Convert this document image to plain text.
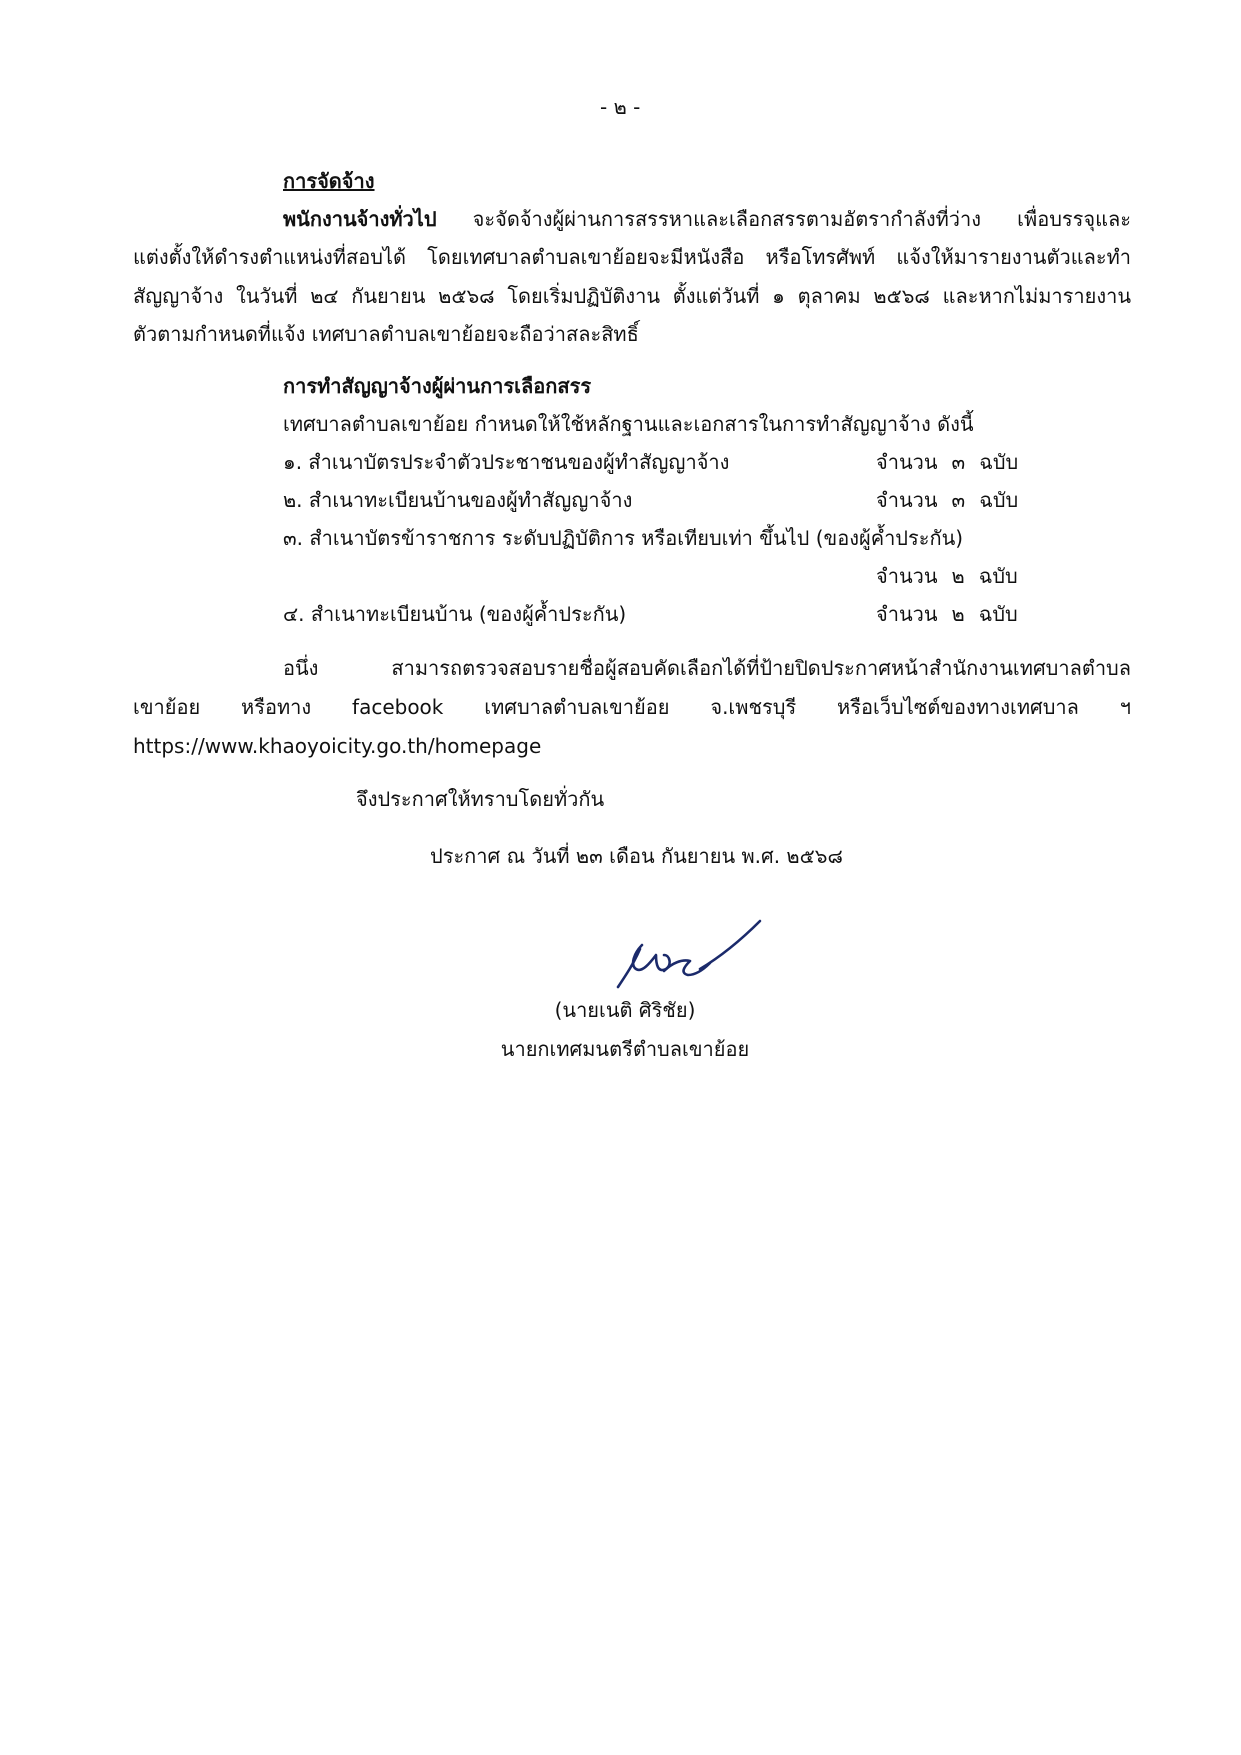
- ๒ -
การจัดจ้าง
พนักงานจ้างทั่วไป จะจัดจ้างผู้ผ่านการสรรหาและเลือกสรรตามอัตรากำลังที่ว่าง เพื่อบรรจุและ
แต่งตั้งให้ดำรงตำแหน่งที่สอบได้ โดยเทศบาลตำบลเขาย้อยจะมีหนังสือ หรือโทรศัพท์ แจ้งให้มารายงานตัวและทำ
สัญญาจ้าง ในวันที่ ๒๔ กันยายน ๒๕๖๘ โดยเริ่มปฏิบัติงาน ตั้งแต่วันที่ ๑ ตุลาคม ๒๕๖๘ และหากไม่มารายงาน
ตัวตามกำหนดที่แจ้ง เทศบาลตำบลเขาย้อยจะถือว่าสละสิทธิ์
การทำสัญญาจ้างผู้ผ่านการเลือกสรร
เทศบาลตำบลเขาย้อย กำหนดให้ใช้หลักฐานและเอกสารในการทำสัญญาจ้าง ดังนี้
๑. สำเนาบัตรประจำตัวประชาชนของผู้ทำสัญญาจ้าง	จำนวน ๓ ฉบับ
๒. สำเนาทะเบียนบ้านของผู้ทำสัญญาจ้าง	จำนวน ๓ ฉบับ
๓. สำเนาบัตรข้าราชการ ระดับปฏิบัติการ หรือเทียบเท่า ขึ้นไป (ของผู้ค้ำประกัน)
จำนวน ๒ ฉบับ
๔. สำเนาทะเบียนบ้าน (ของผู้ค้ำประกัน)	จำนวน ๒ ฉบับ
อนึ่ง สามารถตรวจสอบรายชื่อผู้สอบคัดเลือกได้ที่ป้ายปิดประกาศหน้าสำนักงานเทศบาลตำบล
เขาย้อย หรือทาง facebook เทศบาลตำบลเขาย้อย จ.เพชรบุรี หรือเว็บไซต์ของทางเทศบาล ฯ
https://www.khaoyoicity.go.th/homepage
จึงประกาศให้ทราบโดยทั่วกัน
ประกาศ ณ วันที่ ๒๓ เดือน กันยายน พ.ศ. ๒๕๖๘
(นายเนติ ศิริชัย)
นายกเทศมนตรีตำบลเขาย้อย
